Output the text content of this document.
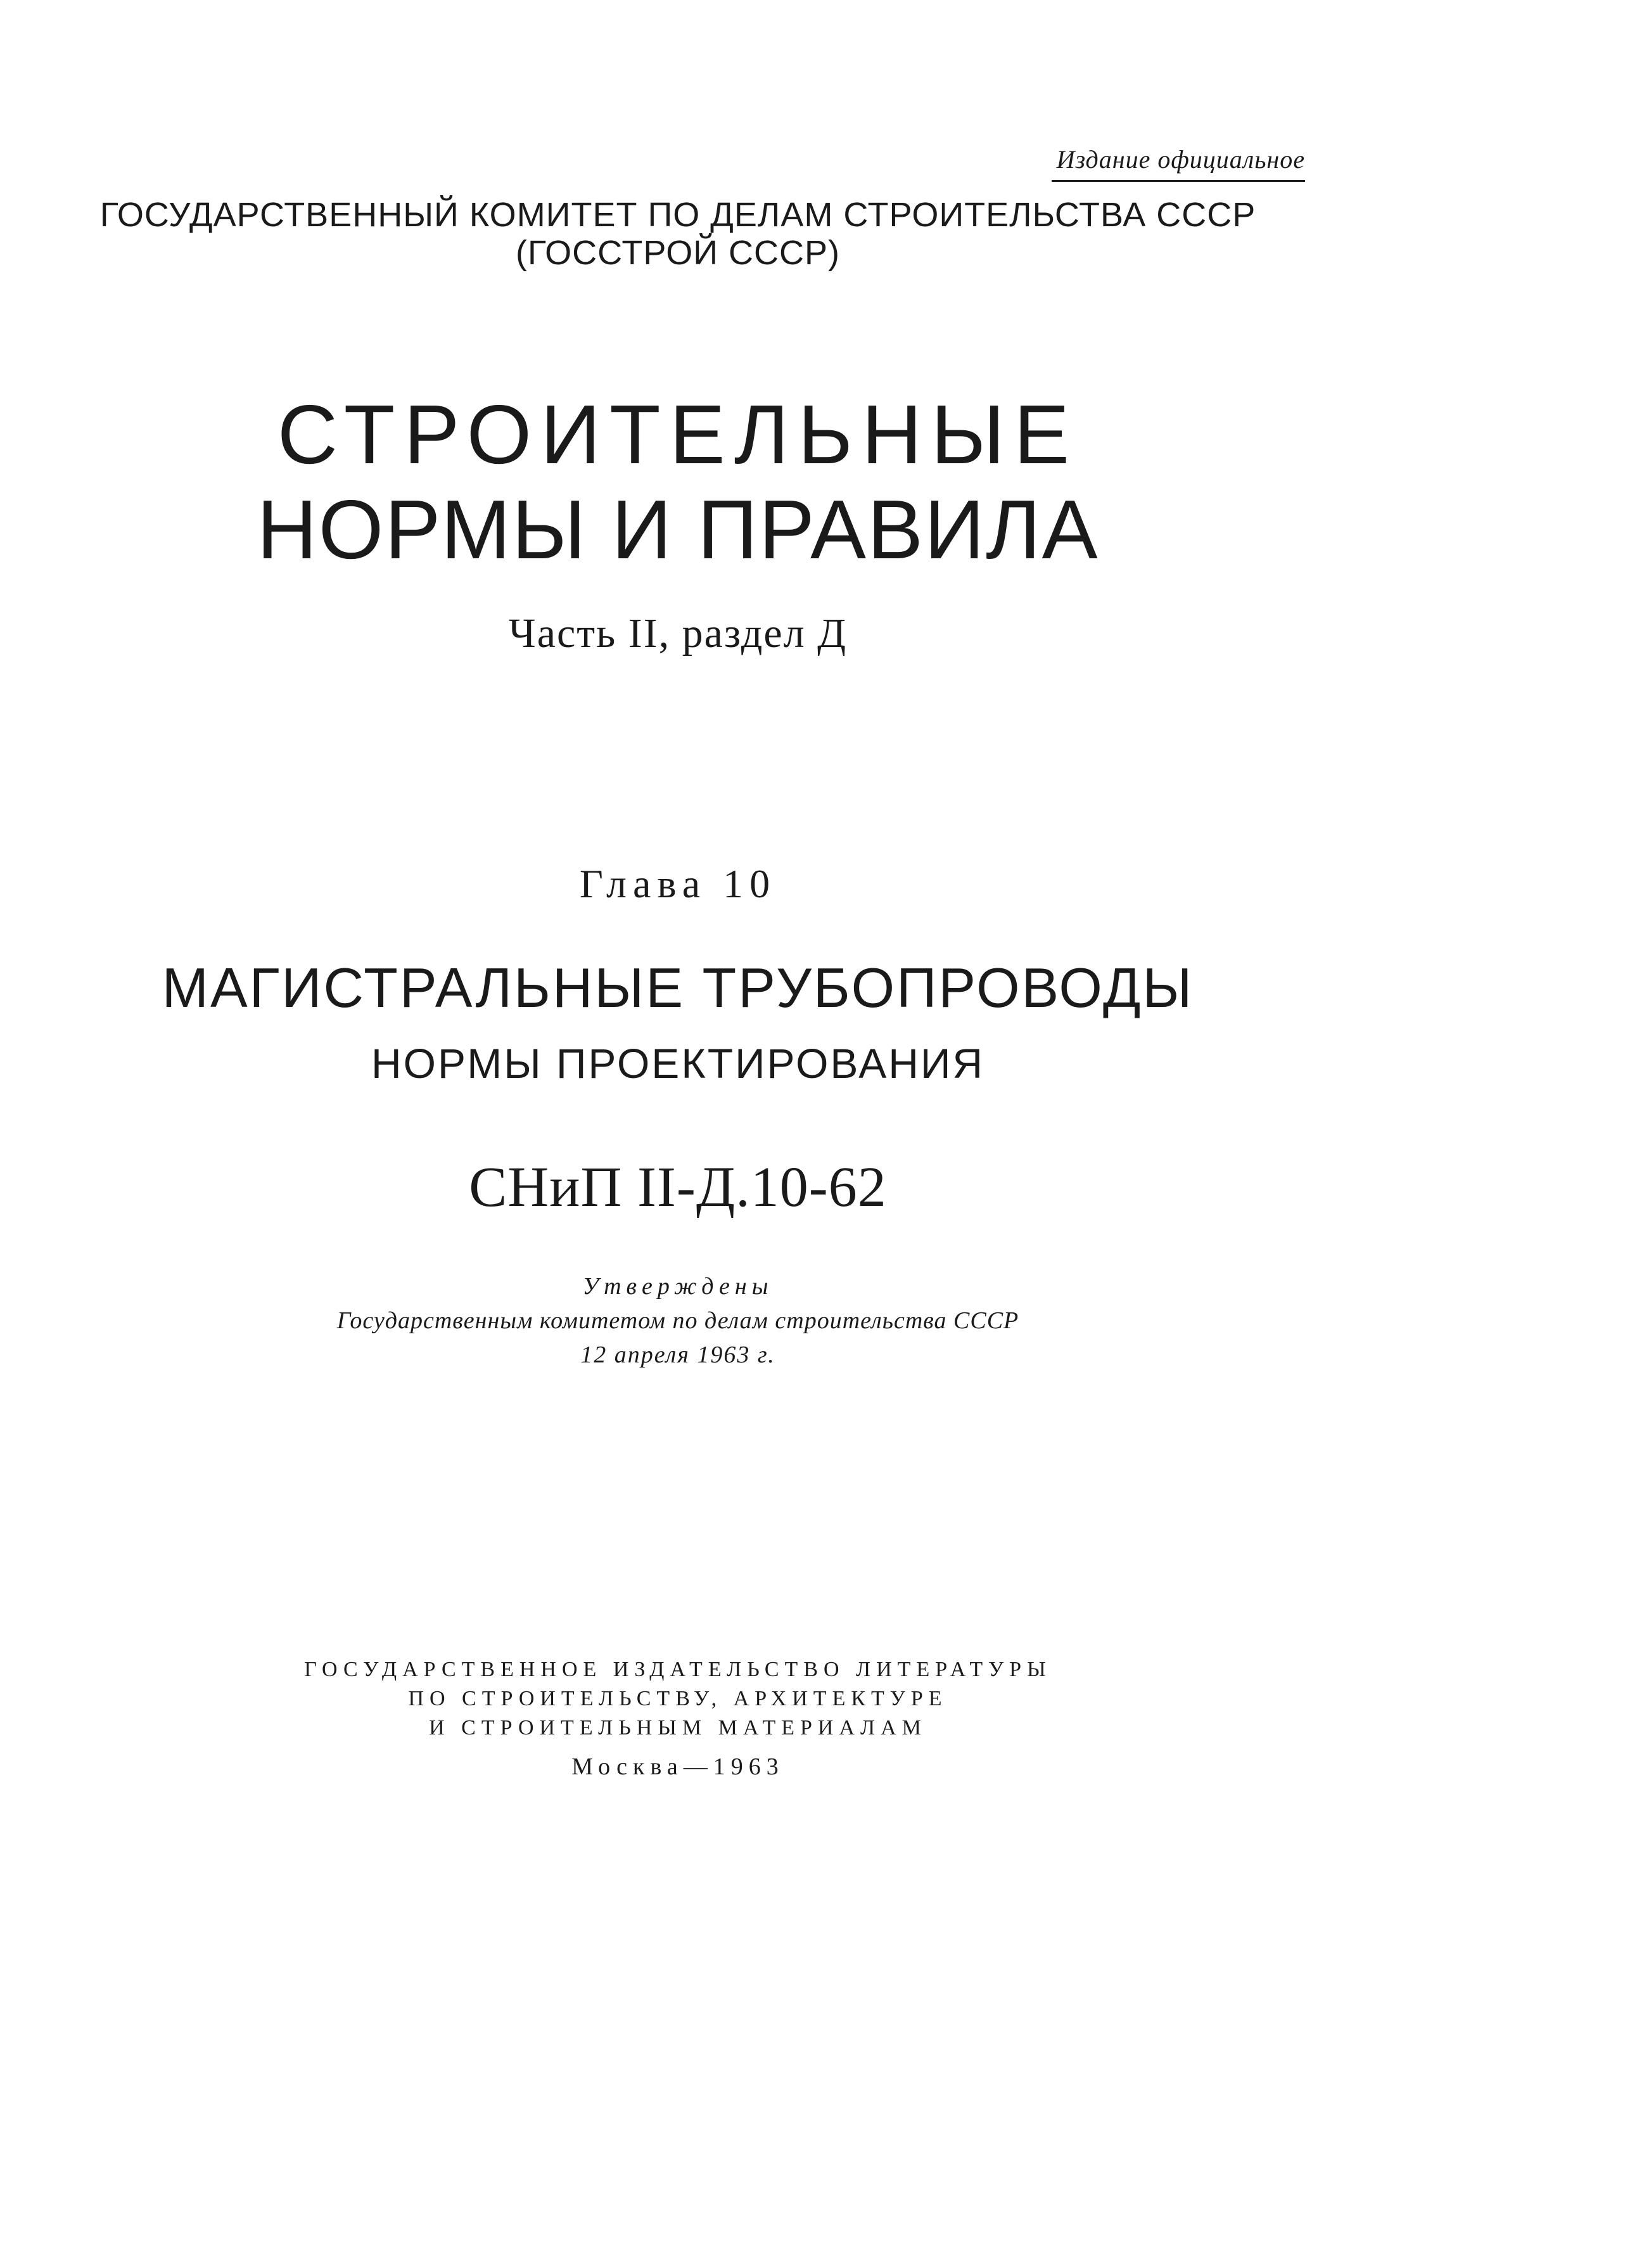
Издание официальное
ГОСУДАРСТВЕННЫЙ КОМИТЕТ ПО ДЕЛАМ СТРОИТЕЛЬСТВА СССР
(ГОССТРОЙ СССР)
СТРОИТЕЛЬНЫЕ
НОРМЫ И ПРАВИЛА
Часть II, раздел Д
Глава 10
МАГИСТРАЛЬНЫЕ ТРУБОПРОВОДЫ
НОРМЫ ПРОЕКТИРОВАНИЯ
СНиП II-Д.10-62
Утверждены
Государственным комитетом по делам строительства СССР
12 апреля 1963 г.
ГОСУДАРСТВЕННОЕ ИЗДАТЕЛЬСТВО ЛИТЕРАТУРЫ
ПО СТРОИТЕЛЬСТВУ, АРХИТЕКТУРЕ
И СТРОИТЕЛЬНЫМ МАТЕРИАЛАМ
Москва—1963
